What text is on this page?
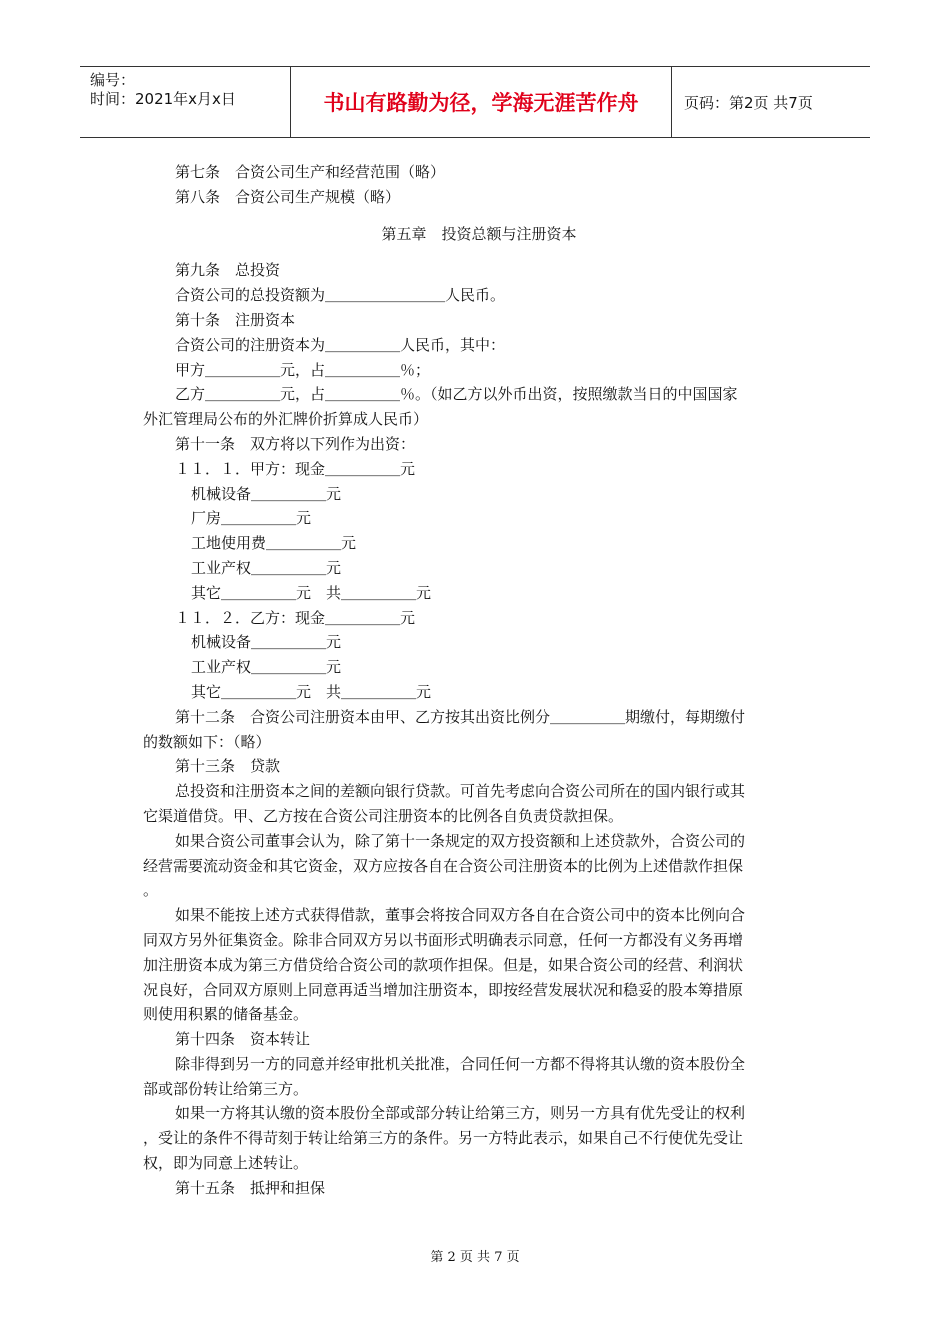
编号：
时间：2021年x月x日	书山有路勤为径，学海无涯苦作舟	页码：第2页 共7页

第七条　合资公司生产和经营范围（略）

第八条　合资公司生产规模（略）

第五章　投资总额与注册资本

第九条　总投资

合资公司的总投资额为＿＿＿＿＿＿＿＿人民币。

第十条　注册资本

合资公司的注册资本为＿＿＿＿＿人民币，其中：

甲方＿＿＿＿＿元，占＿＿＿＿＿％；

乙方＿＿＿＿＿元，占＿＿＿＿＿％。（如乙方以外币出资，按照缴款当日的中国国家

外汇管理局公布的外汇牌价折算成人民币）

第十一条　双方将以下列作为出资：

１１．１．甲方：现金＿＿＿＿＿元

机械设备＿＿＿＿＿元

厂房＿＿＿＿＿元

工地使用费＿＿＿＿＿元

工业产权＿＿＿＿＿元

其它＿＿＿＿＿元　共＿＿＿＿＿元

１１．２．乙方：现金＿＿＿＿＿元

机械设备＿＿＿＿＿元

工业产权＿＿＿＿＿元

其它＿＿＿＿＿元　共＿＿＿＿＿元

第十二条　合资公司注册资本由甲、乙方按其出资比例分＿＿＿＿＿期缴付，每期缴付

的数额如下：（略）

第十三条　贷款

总投资和注册资本之间的差额向银行贷款。可首先考虑向合资公司所在的国内银行或其

它渠道借贷。甲、乙方按在合资公司注册资本的比例各自负责贷款担保。

如果合资公司董事会认为，除了第十一条规定的双方投资额和上述贷款外，合资公司的

经营需要流动资金和其它资金，双方应按各自在合资公司注册资本的比例为上述借款作担保

。

如果不能按上述方式获得借款，董事会将按合同双方各自在合资公司中的资本比例向合

同双方另外征集资金。除非合同双方另以书面形式明确表示同意，任何一方都没有义务再增

加注册资本成为第三方借贷给合资公司的款项作担保。但是，如果合资公司的经营、利润状

况良好，合同双方原则上同意再适当增加注册资本，即按经营发展状况和稳妥的股本筹措原

则使用积累的储备基金。

第十四条　资本转让

除非得到另一方的同意并经审批机关批准，合同任何一方都不得将其认缴的资本股份全

部或部份转让给第三方。

如果一方将其认缴的资本股份全部或部分转让给第三方，则另一方具有优先受让的权利

，受让的条件不得苛刻于转让给第三方的条件。另一方特此表示，如果自己不行使优先受让

权，即为同意上述转让。

第十五条　抵押和担保

第 2 页 共 7 页
